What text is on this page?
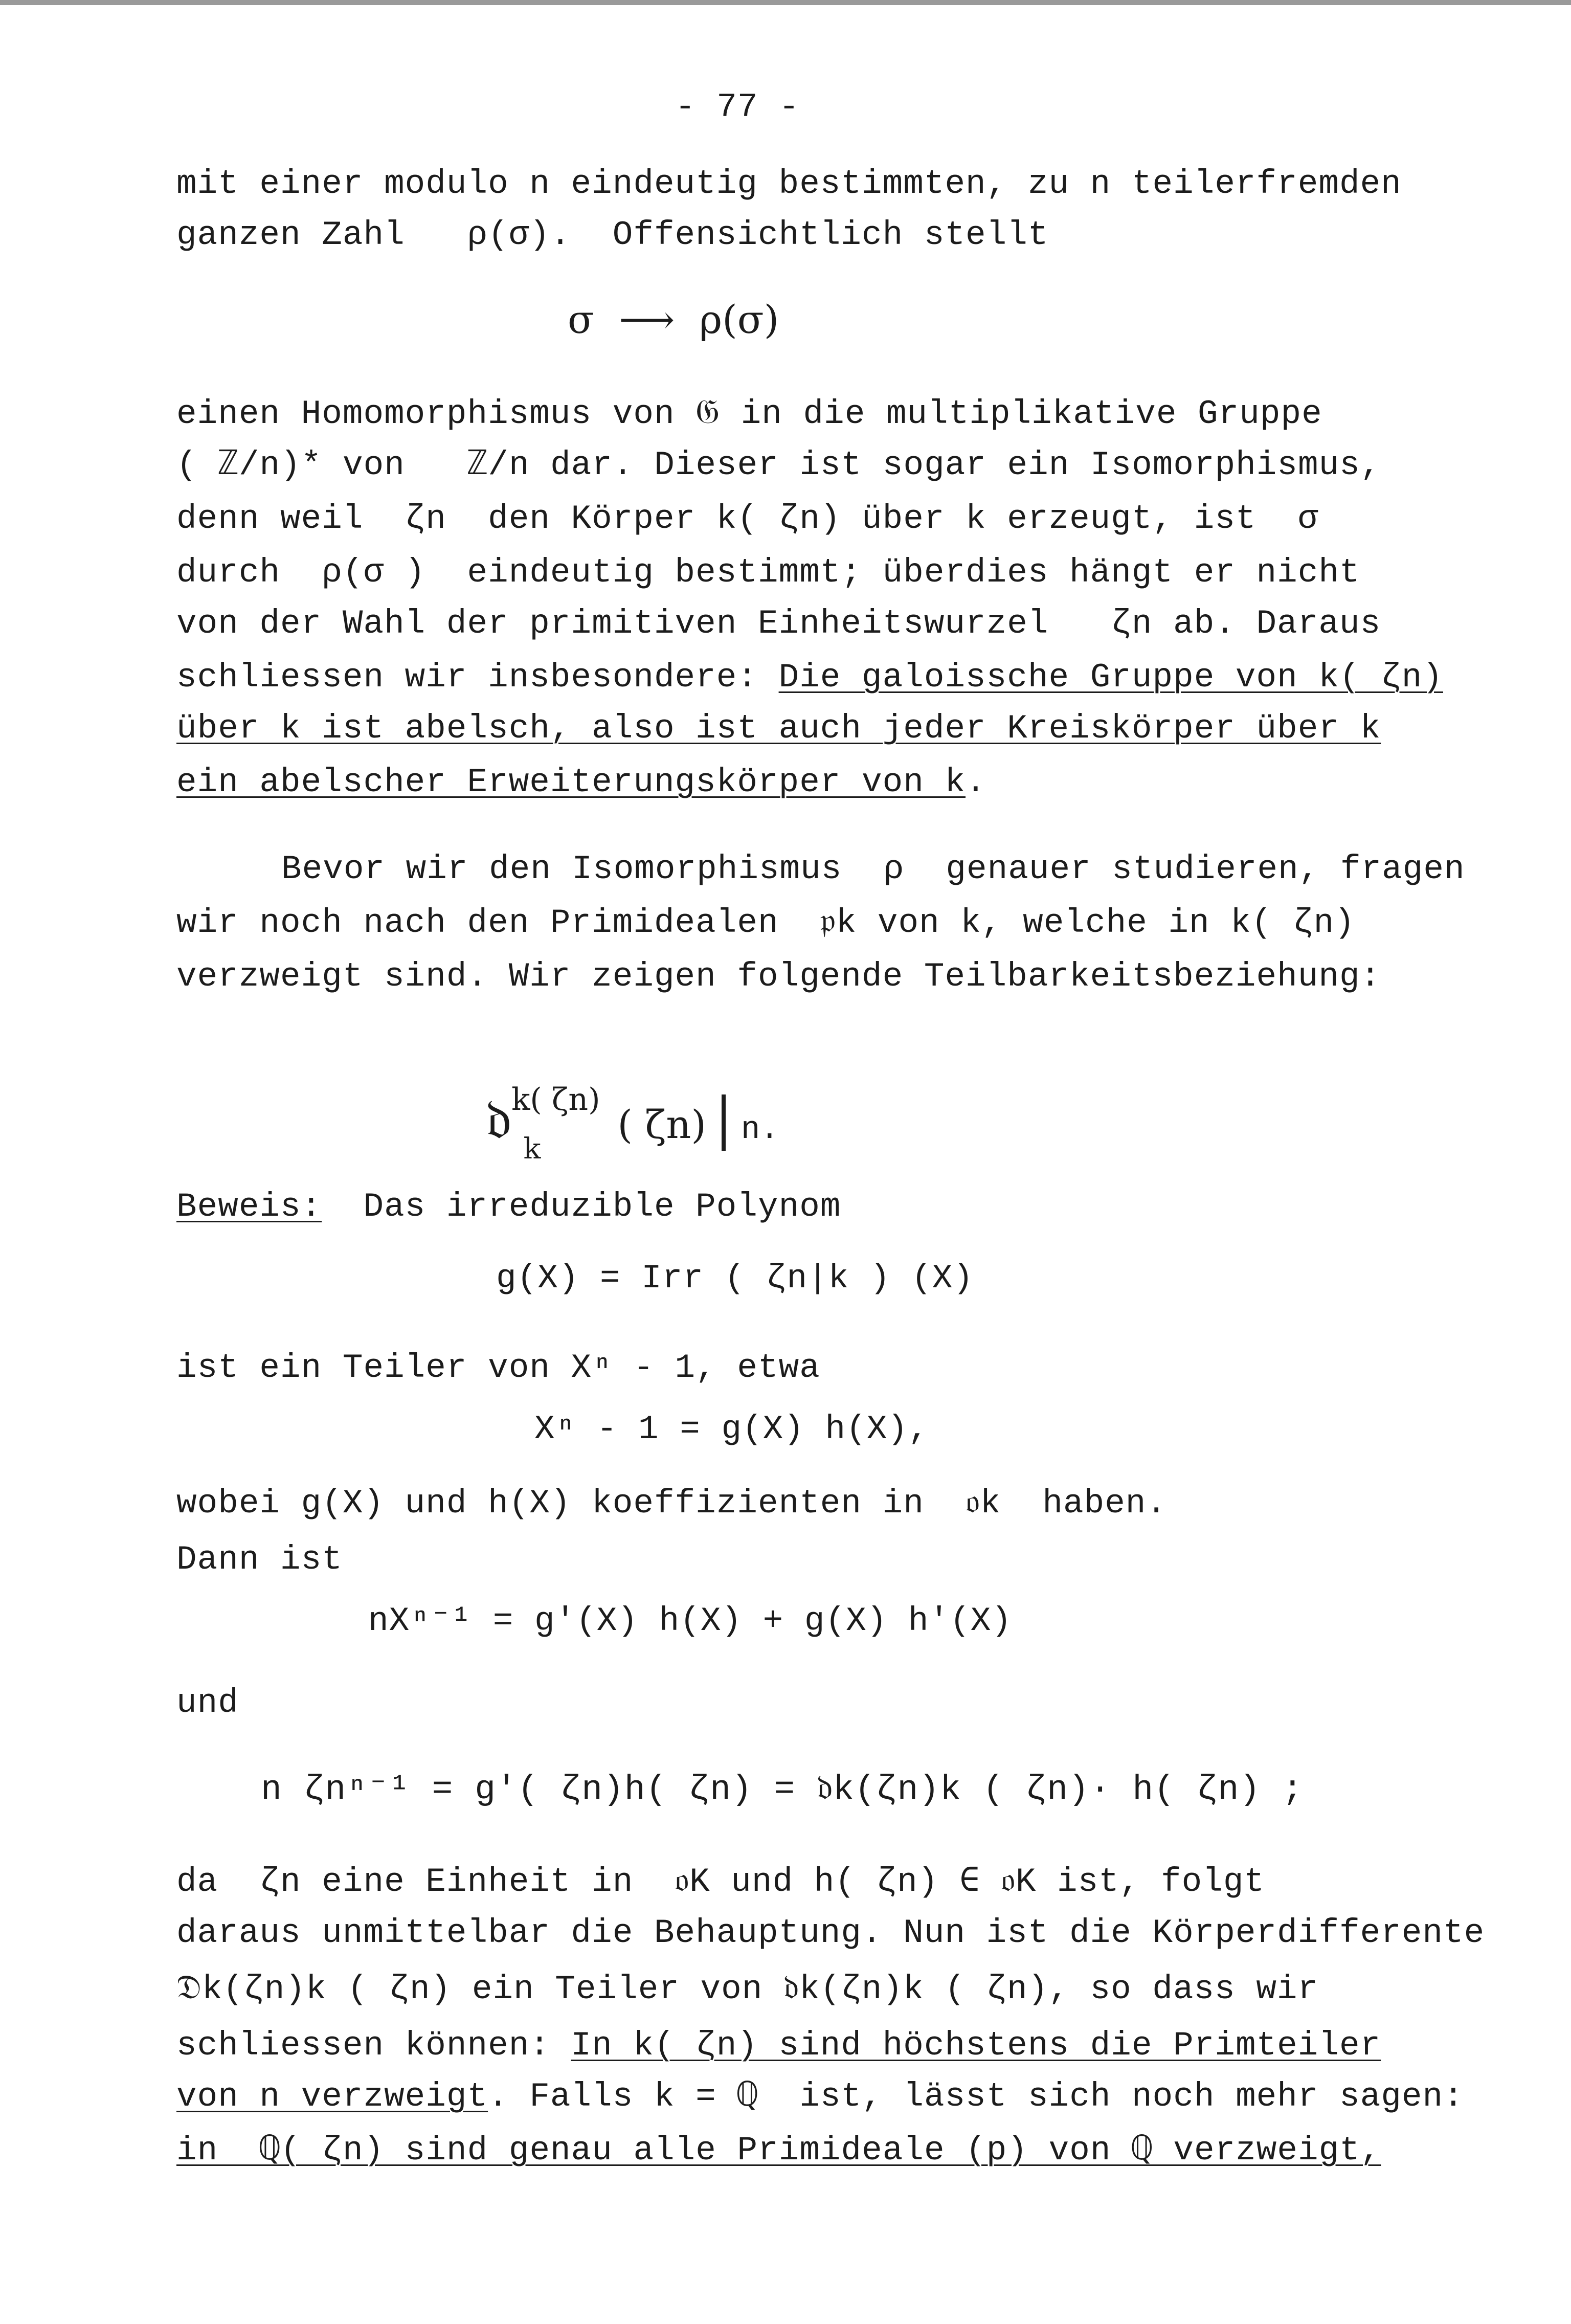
- 77 -
mit einer modulo n eindeutig bestimmten, zu n teilerfremden
ganzen Zahl   ρ(σ).  Offensichtlich stellt
σ  ⟶  ρ(σ)
einen Homomorphismus von 𝔊 in die multiplikative Gruppe
( ℤ/n)* von   ℤ/n dar. Dieser ist sogar ein Isomorphismus,
denn weil  ζn  den Körper k( ζn) über k erzeugt, ist  σ
durch  ρ(σ )  eindeutig bestimmt; überdies hängt er nicht
von der Wahl der primitiven Einheitswurzel   ζn ab. Daraus
schliessen wir insbesondere: Die galoissche Gruppe von k( ζn)
über k ist abelsch, also ist auch jeder Kreiskörper über k
ein abelscher Erweiterungskörper von k.
Bevor wir den Isomorphismus  ρ  genauer studieren, fragen
wir noch nach den Primidealen  𝔭k von k, welche in k( ζn)
verzweigt sind. Wir zeigen folgende Teilbarkeitsbeziehung:
𝔡$^{k( \zeta n)}_k$( ζn) n.
Beweis:  Das irreduzible Polynom
g(X) = Irr ( ζn|k ) (X)
ist ein Teiler von Xⁿ - 1, etwa
Xⁿ - 1 = g(X) h(X),
wobei g(X) und h(X) koeffizienten in  𝔬k  haben.
Dann ist
nXⁿ⁻¹ = g'(X) h(X) + g(X) h'(X)
und
n ζnⁿ⁻¹ = g'( ζn)h( ζn) = 𝔡k(ζn)k ( ζn)· h( ζn) ;
da  ζn eine Einheit in  𝔬K und h( ζn) ∈ 𝔬K ist, folgt
daraus unmittelbar die Behauptung. Nun ist die Körperdifferente
𝔇k(ζn)k ( ζn) ein Teiler von 𝔡k(ζn)k ( ζn), so dass wir
schliessen können: In k( ζn) sind höchstens die Primteiler
von n verzweigt. Falls k = ℚ  ist, lässt sich noch mehr sagen:
in  ℚ( ζn) sind genau alle Primideale (p) von ℚ verzweigt,
